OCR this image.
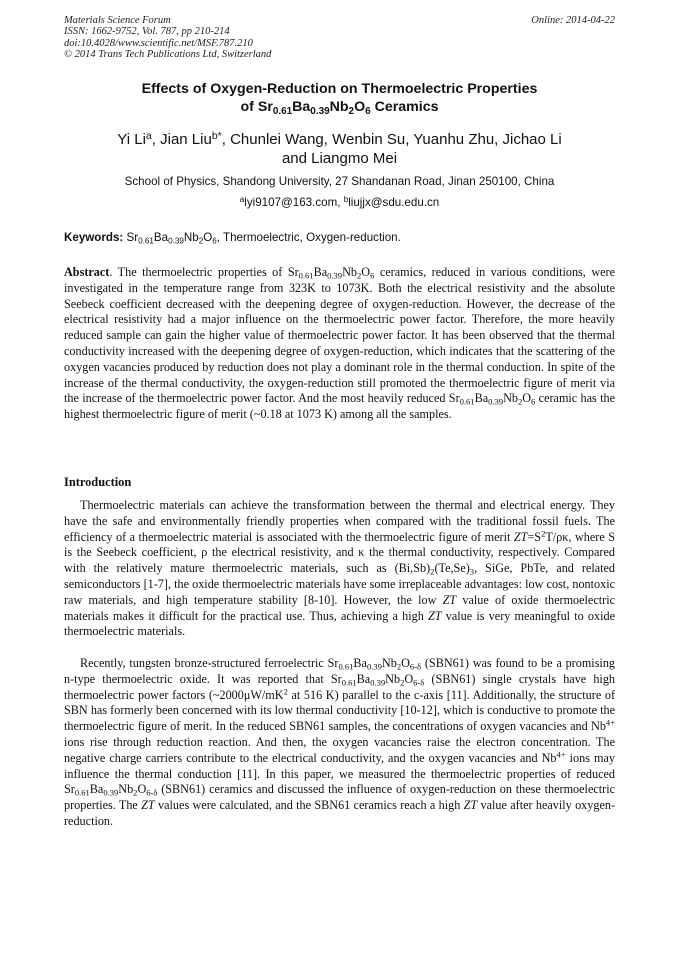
Materials Science Forum
ISSN: 1662-9752, Vol. 787, pp 210-214
doi:10.4028/www.scientific.net/MSF.787.210
© 2014 Trans Tech Publications Ltd, Switzerland
Online: 2014-04-22
Effects of Oxygen-Reduction on Thermoelectric Properties
of $Sr_{0.61}Ba_{0.39}Nb_2O_6$ Ceramics
Yi Li$^a$, Jian Liu$^{b*}$, Chunlei Wang, Wenbin Su, Yuanhu Zhu, Jichao Li
and Liangmo Mei
School of Physics, Shandong University, 27 Shandanan Road, Jinan 250100, China
$^a$lyi9107@163.com, $^b$liujjx@sdu.edu.cn
Keywords: $Sr_{0.61}Ba_{0.39}Nb_2O_6$, Thermoelectric, Oxygen-reduction.
Abstract. The thermoelectric properties of $Sr_{0.61}Ba_{0.39}Nb_2O_6$ ceramics, reduced in various conditions, were investigated in the temperature range from 323K to 1073K. Both the electrical resistivity and the absolute Seebeck coefficient decreased with the deepening degree of oxygen-reduction. However, the decrease of the electrical resistivity had a major influence on the thermoelectric power factor. Therefore, the more heavily reduced sample can gain the higher value of thermoelectric power factor. It has been observed that the thermal conductivity increased with the deepening degree of oxygen-reduction, which indicates that the scattering of the oxygen vacancies produced by reduction does not play a dominant role in the thermal conduction. In spite of the increase of the thermal conductivity, the oxygen-reduction still promoted the thermoelectric figure of merit via the increase of the thermoelectric power factor. And the most heavily reduced $Sr_{0.61}Ba_{0.39}Nb_2O_6$ ceramic has the highest thermoelectric figure of merit (~0.18 at 1073 K) among all the samples.
Introduction
Thermoelectric materials can achieve the transformation between the thermal and electrical energy. They have the safe and environmentally friendly properties when compared with the traditional fossil fuels. The efficiency of a thermoelectric material is associated with the thermoelectric figure of merit $ZT=S^2T/\rho\kappa$, where S is the Seebeck coefficient, ρ the electrical resistivity, and κ the thermal conductivity, respectively. Compared with the relatively mature thermoelectric materials, such as $(Bi,Sb)_2(Te,Se)_3$, SiGe, PbTe, and related semiconductors [1-7], the oxide thermoelectric materials have some irreplaceable advantages: low cost, nontoxic raw materials, and high temperature stability [8-10]. However, the low ZT value of oxide thermoelectric materials makes it difficult for the practical use. Thus, achieving a high ZT value is very meaningful to oxide thermoelectric materials.
Recently, tungsten bronze-structured ferroelectric $Sr_{0.61}Ba_{0.39}Nb_2O_{6-\delta}$ (SBN61) was found to be a promising n-type thermoelectric oxide. It was reported that $Sr_{0.61}Ba_{0.39}Nb_2O_{6-\delta}$ (SBN61) single crystals have high thermoelectric power factors ($\sim 2000\mu W/mK^2$ at 516 K) parallel to the c-axis [11]. Additionally, the structure of SBN has formerly been concerned with its low thermal conductivity [10-12], which is conductive to promote the thermoelectric figure of merit. In the reduced SBN61 samples, the concentrations of oxygen vacancies and $Nb^{4+}$ ions rise through reduction reaction. And then, the oxygen vacancies raise the electron concentration. The negative charge carriers contribute to the electrical conductivity, and the oxygen vacancies and $Nb^{4+}$ ions may influence the thermal conduction [11]. In this paper, we measured the thermoelectric properties of reduced $Sr_{0.61}Ba_{0.39}Nb_2O_{6-\delta}$ (SBN61) ceramics and discussed the influence of oxygen-reduction on these thermoelectric properties. The ZT values were calculated, and the SBN61 ceramics reach a high ZT value after heavily oxygen-reduction.
